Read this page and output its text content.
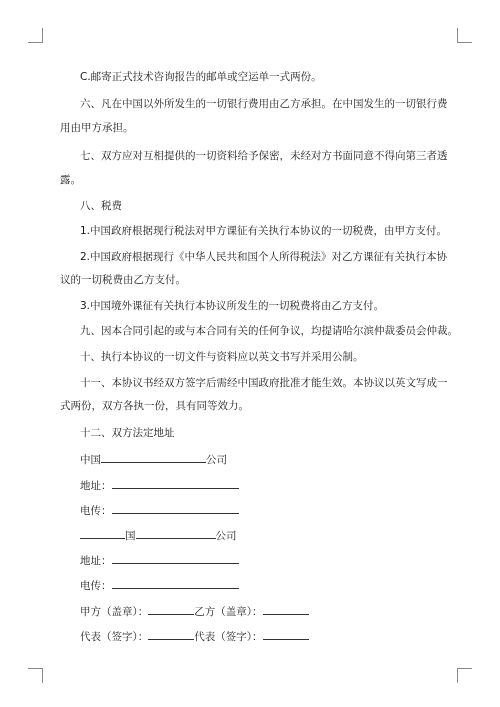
C.邮寄正式技术咨询报告的邮单或空运单一式两份。
六、凡在中国以外所发生的一切银行费用由乙方承担。在中国发生的一切银行费
用由甲方承担。
七、双方应对互相提供的一切资料给予保密，未经对方书面同意不得向第三者透
露。
八、税费
1.中国政府根据现行税法对甲方课征有关执行本协议的一切税费，由甲方支付。
2.中国政府根据现行《中华人民共和国个人所得税法》对乙方课征有关执行本协
议的一切税费由乙方支付。
3.中国境外课征有关执行本协议所发生的一切税费将由乙方支付。
九、因本合同引起的或与本合同有关的任何争议，均提请哈尔滨仲裁委员会仲裁。
十、执行本协议的一切文件与资料应以英文书写并采用公制。
十一、本协议书经双方签字后需经中国政府批准才能生效。本协议以英文写成一
式两份，双方各执一份，具有同等效力。
十二、双方法定地址
中国	公司
地址：
电传：
国	公司
地址：
电传：
甲方（盖章）：	乙方（盖章）：
代表（签字）：	代表（签字）：
